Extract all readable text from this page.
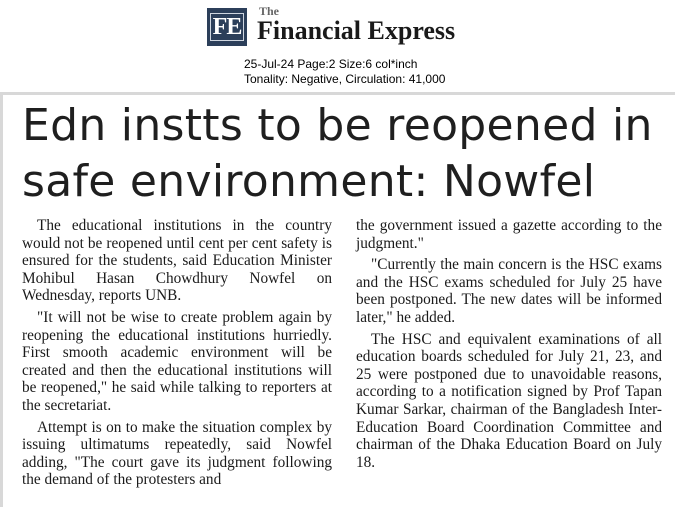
FE
The
Financial Express
25-Jul-24 Page:2 Size:6 col*inch
Tonality: Negative, Circulation: 41,000
Edn instts to be reopened in
safe environment: Nowfel

The educational institutions in the country would not be reopened until cent per cent safety is ensured for the students, said Education Minister Mohibul Hasan Chowdhury Nowfel on Wednesday, reports UNB.

"It will not be wise to create problem again by reopening the educational institutions hurriedly. First smooth academic environment will be created and then the educational institutions will be reopened," he said while talking to reporters at the secretariat.

Attempt is on to make the situation complex by issuing ultimatums repeatedly, said Nowfel adding, "The court gave its judgment following the demand of the protesters and

the government issued a gazette according to the judgment."

"Currently the main concern is the HSC exams and the HSC exams scheduled for July 25 have been postponed. The new dates will be informed later," he added.

The HSC and equivalent examinations of all education boards scheduled for July 21, 23, and 25 were postponed due to unavoidable reasons, according to a notification signed by Prof Tapan Kumar Sarkar, chairman of the Bangladesh Inter-Education Board Coordination Committee and chairman of the Dhaka Education Board on July 18.
